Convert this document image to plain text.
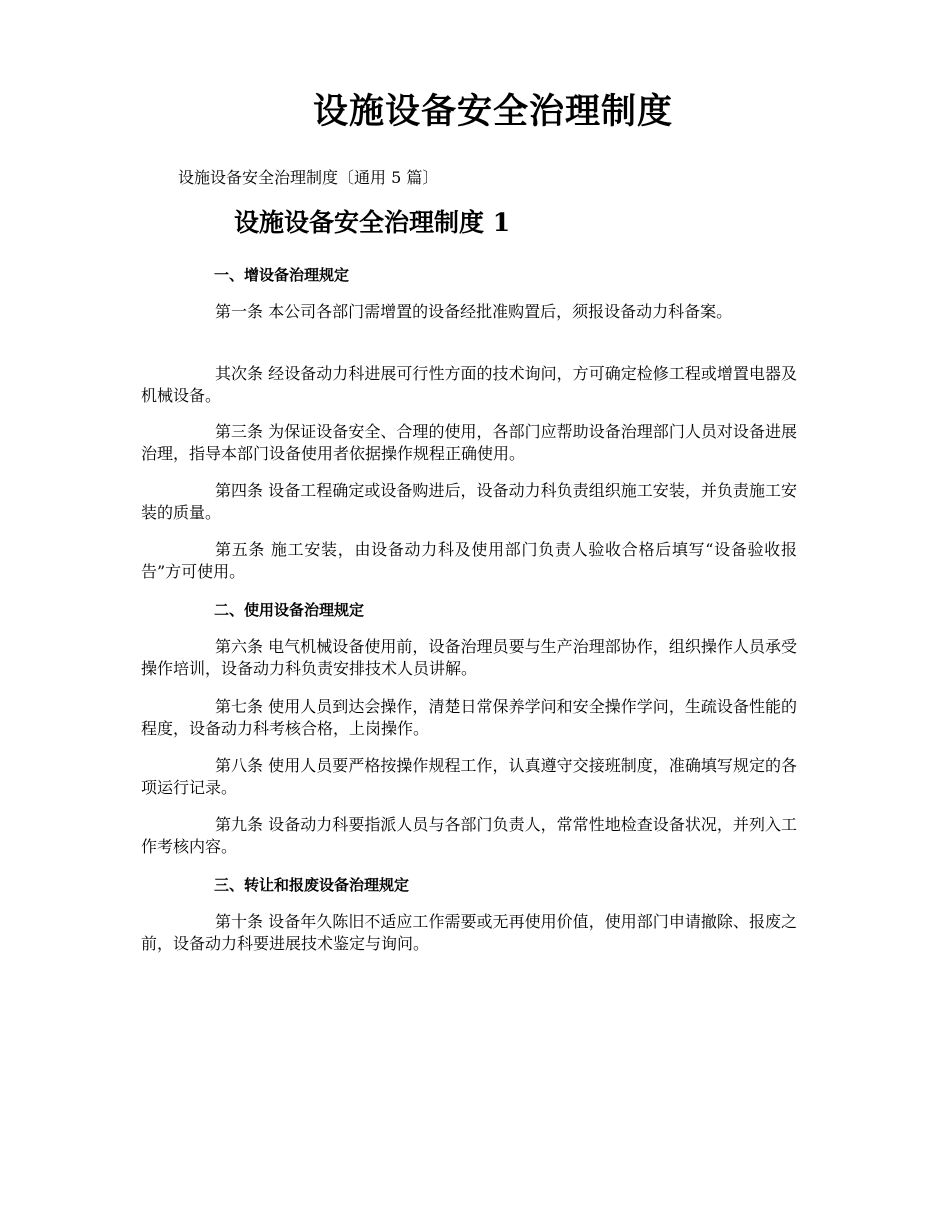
设施设备安全治理制度

设施设备安全治理制度〔通用 5 篇〕

设施设备安全治理制度 1
一、增设备治理规定

第一条 本公司各部门需增置的设备经批准购置后，须报设备动力科备案。

其次条 经设备动力科进展可行性方面的技术询问，方可确定检修工程或增置电器及机械设备。

第三条 为保证设备安全、合理的使用，各部门应帮助设备治理部门人员对设备进展治理，指导本部门设备使用者依据操作规程正确使用。

第四条 设备工程确定或设备购进后，设备动力科负责组织施工安装，并负责施工安装的质量。

第五条 施工安装，由设备动力科及使用部门负责人验收合格后填写“设备验收报告”方可使用。

二、使用设备治理规定

第六条 电气机械设备使用前，设备治理员要与生产治理部协作，组织操作人员承受操作培训，设备动力科负责安排技术人员讲解。

第七条 使用人员到达会操作，清楚日常保养学问和安全操作学问，生疏设备性能的程度，设备动力科考核合格，上岗操作。

第八条 使用人员要严格按操作规程工作，认真遵守交接班制度，准确填写规定的各项运行记录。

第九条 设备动力科要指派人员与各部门负责人，常常性地检查设备状况，并列入工作考核内容。

三、转让和报废设备治理规定

第十条 设备年久陈旧不适应工作需要或无再使用价值，使用部门申请撤除、报废之前，设备动力科要进展技术鉴定与询问。
